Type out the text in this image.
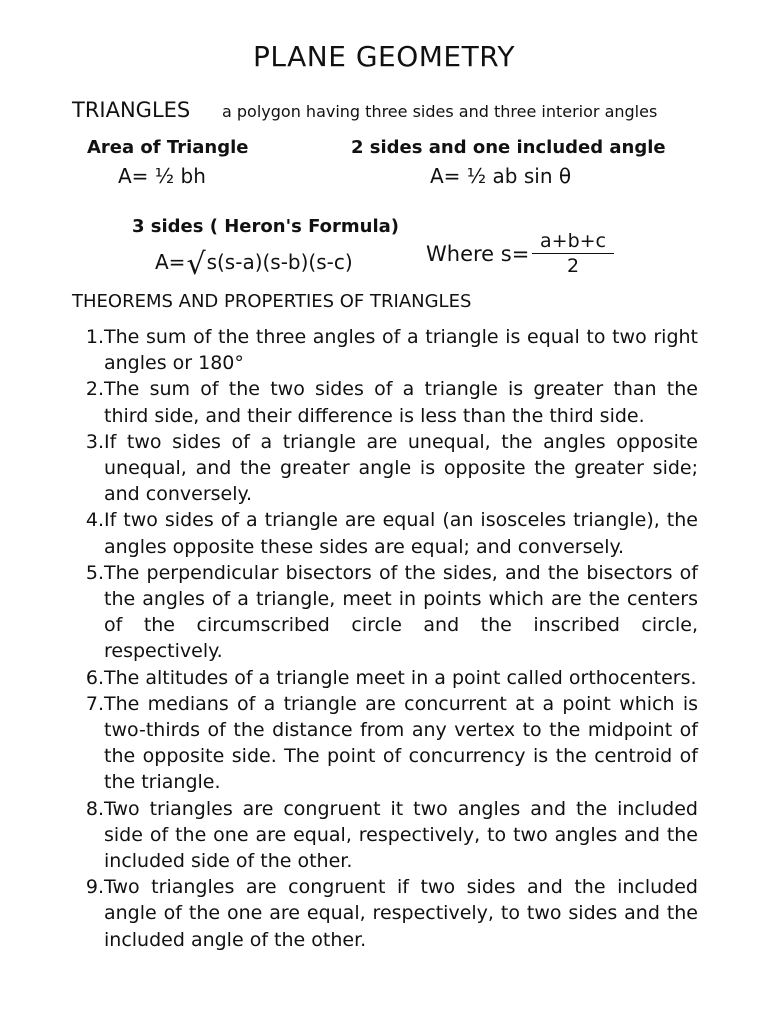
PLANE GEOMETRY
TRIANGLES a polygon having three sides and three interior angles
Area of Triangle	2 sides and one included angle
A= ½ bh	A= ½ ab sin θ
3 sides ( Heron's Formula)
A= √ s(s-a)(s-b)(s-c)	Where s=
a+b+c
2
THEOREMS AND PROPERTIES OF TRIANGLES
1. The sum of the three angles of a triangle is equal to two right angles or 180°
2. The sum of the two sides of a triangle is greater than the third side, and their difference is less than the third side.
3. If two sides of a triangle are unequal, the angles opposite unequal, and the greater angle is opposite the greater side; and conversely.
4. If two sides of a triangle are equal (an isosceles triangle), the angles opposite these sides are equal; and conversely.
5. The perpendicular bisectors of the sides, and the bisectors of the angles of a triangle, meet in points which are the centers of the circumscribed circle and the inscribed circle, respectively.
6. The altitudes of a triangle meet in a point called orthocenters.
7. The medians of a triangle are concurrent at a point which is two-thirds of the distance from any vertex to the midpoint of the opposite side. The point of concurrency is the centroid of the triangle.
8. Two triangles are congruent it two angles and the included side of the one are equal, respectively, to two angles and the included side of the other.
9. Two triangles are congruent if two sides and the included angle of the one are equal, respectively, to two sides and the included angle of the other.
